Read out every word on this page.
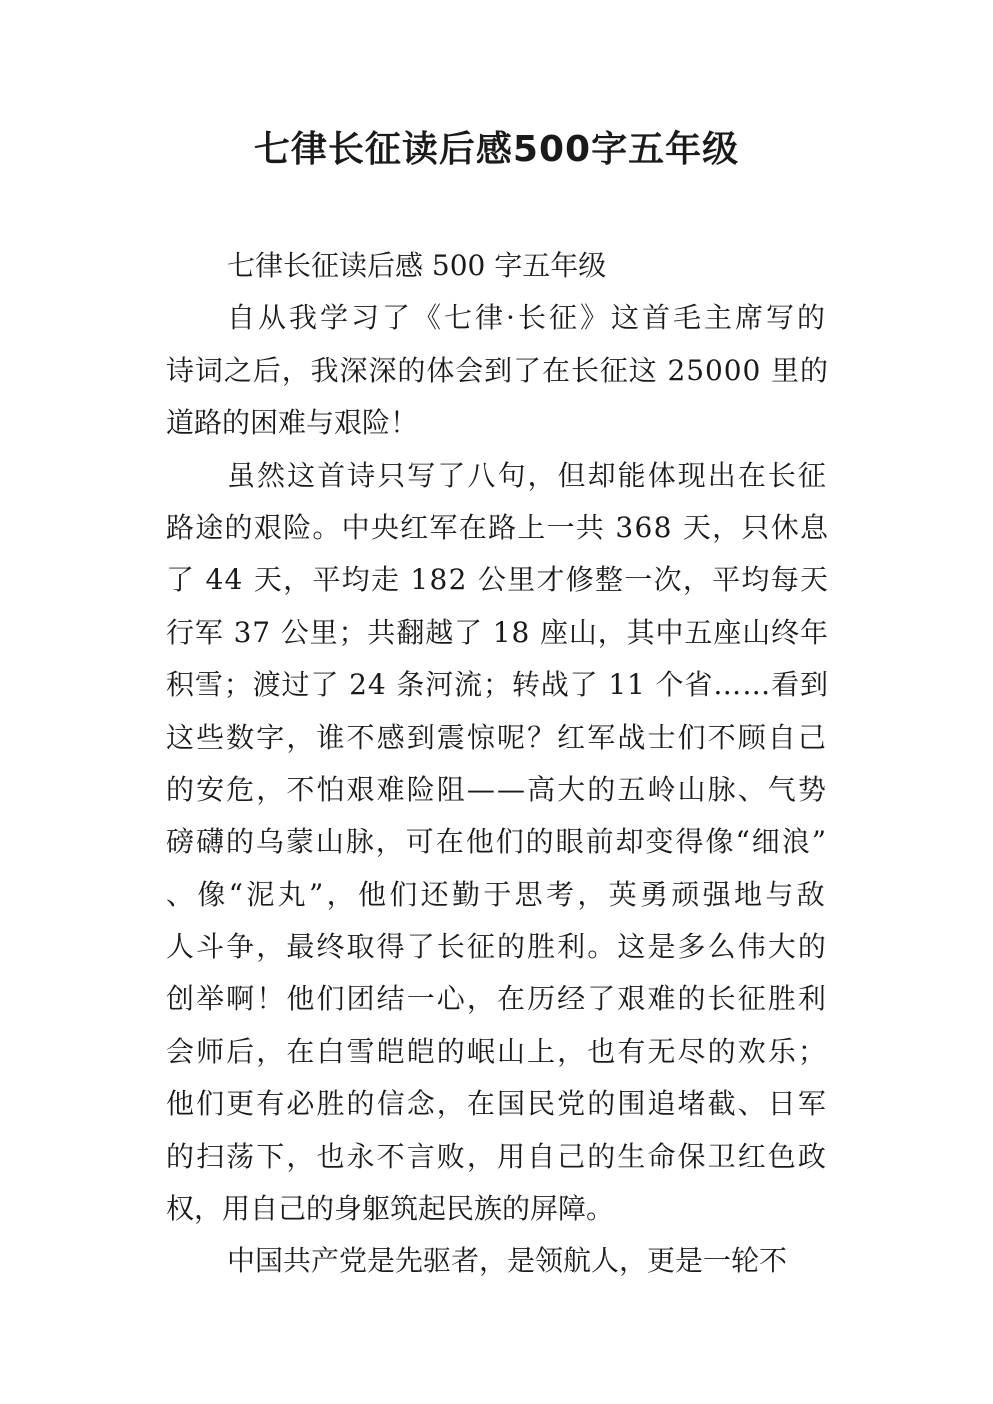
七律长征读后感500字五年级
七律长征读后感 500 字五年级
自从我学习了《七律·长征》这首毛主席写的
诗词之后，我深深的体会到了在长征这 25000 里的
道路的困难与艰险！
虽然这首诗只写了八句，但却能体现出在长征
路途的艰险。中央红军在路上一共 368 天，只休息
了 44 天，平均走 182 公里才修整一次，平均每天
行军 37 公里；共翻越了 18 座山，其中五座山终年
积雪；渡过了 24 条河流；转战了 11 个省……看到
这些数字，谁不感到震惊呢？红军战士们不顾自己
的安危，不怕艰难险阻——高大的五岭山脉、气势
磅礴的乌蒙山脉，可在他们的眼前却变得像“细浪”
、像“泥丸”，他们还勤于思考，英勇顽强地与敌
人斗争，最终取得了长征的胜利。这是多么伟大的
创举啊！他们团结一心，在历经了艰难的长征胜利
会师后，在白雪皑皑的岷山上，也有无尽的欢乐；
他们更有必胜的信念，在国民党的围追堵截、日军
的扫荡下，也永不言败，用自己的生命保卫红色政
权，用自己的身躯筑起民族的屏障。
中国共产党是先驱者，是领航人，更是一轮不
